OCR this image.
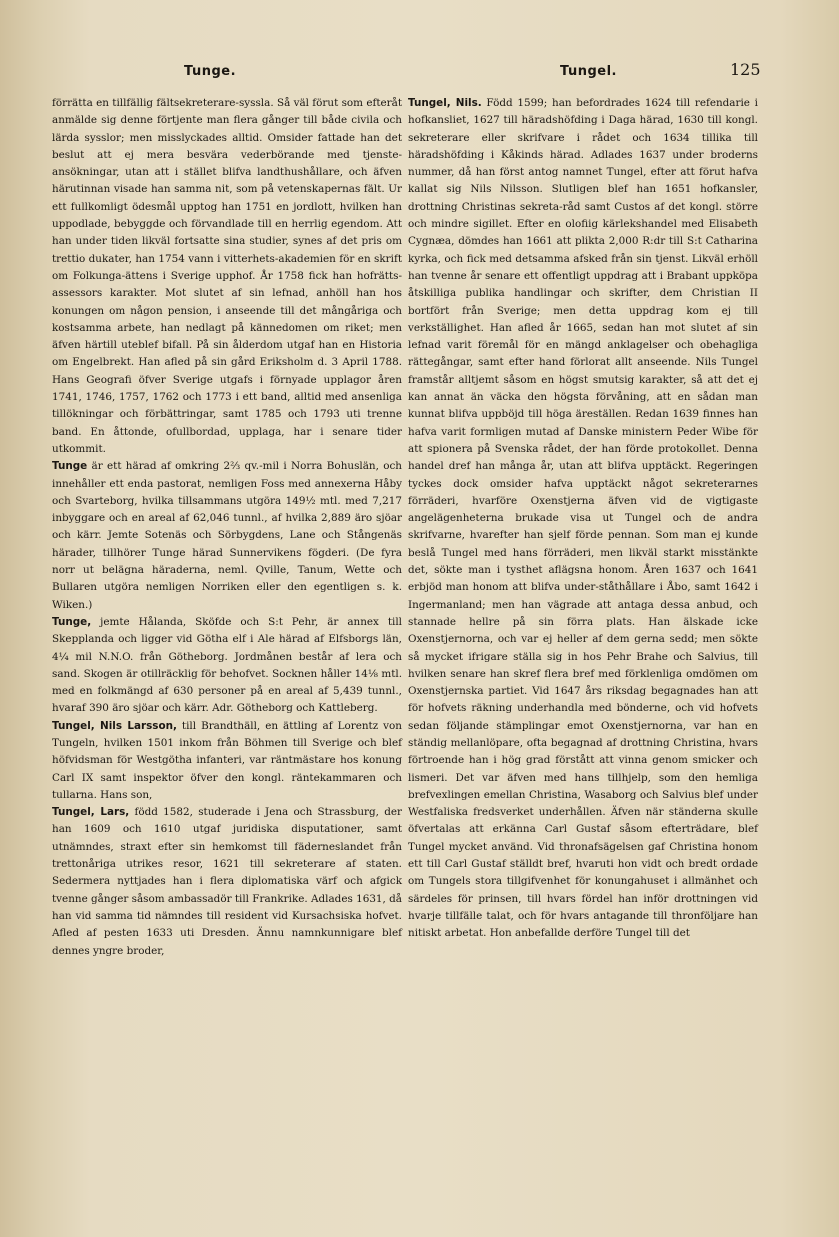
Tunge.	Tungel.	125

förrätta en tillfällig fältsekreterare-syssla. Så väl förut som efteråt anmälde sig denne förtjente man flera gånger till både civila och lärda sysslor; men misslyckades alltid. Omsider fattade han det beslut att ej mera besvära vederbörande med tjenste-ansökningar, utan att i stället blifva landthushållare, och äfven härutinnan visade han samma nit, som på vetenskapernas fält. Ur ett fullkomligt ödesmål upptog han 1751 en jordlott, hvilken han uppodlade, bebyggde och förvandlade till en herrlig egendom. Att han under tiden likväl fortsatte sina studier, synes af det pris om trettio dukater, han 1754 vann i vitterhets-akademien för en skrift om Folkunga-ättens i Sverige upphof. År 1758 fick han hofrätts-assessors karakter. Mot slutet af sin lefnad, anhöll han hos konungen om någon pension, i anseende till det mångåriga och kostsamma arbete, han nedlagt på kännedomen om riket; men äfven härtill uteblef bifall. På sin ålderdom utgaf han en Historia om Engelbrekt. Han afled på sin gård Eriksholm d. 3 April 1788. Hans Geografi öfver Sverige utgafs i förnyade upplagor åren 1741, 1746, 1757, 1762 och 1773 i ett band, alltid med ansenliga tillökningar och förbättringar, samt 1785 och 1793 uti trenne band. En åttonde, ofullbordad, upplaga, har i senare tider utkommit.

Tunge är ett härad af omkring 2⅔ qv.-mil i Norra Bohuslän, och innehåller ett enda pastorat, nemligen Foss med annexerna Håby och Svarteborg, hvilka tillsammans utgöra 149½ mtl. med 7,217 inbyggare och en areal af 62,046 tunnl., af hvilka 2,889 äro sjöar och kärr. Jemte Sotenäs och Sörbygdens, Lane och Stångenäs härader, tillhörer Tunge härad Sunnervikens fögderi. (De fyra norr ut belägna häraderna, neml. Qville, Tanum, Wette och Bullaren utgöra nemligen Norriken eller den egentligen s. k. Wiken.)

Tunge, jemte Hålanda, Sköfde och S:t Pehr, är annex till Skepplanda och ligger vid Götha elf i Ale härad af Elfsborgs län, 4¼ mil N.N.O. från Götheborg. Jordmånen består af lera och sand. Skogen är otillräcklig för behofvet. Socknen håller 14⅛ mtl. med en folkmängd af 630 personer på en areal af 5,439 tunnl., hvaraf 390 äro sjöar och kärr. Adr. Götheborg och Kattleberg.

Tungel, Nils Larsson, till Brandthäll, en ättling af Lorentz von Tungeln, hvilken 1501 inkom från Böhmen till Sverige och blef höfvidsman för Westgötha infanteri, var räntmästare hos konung Carl IX samt inspektor öfver den kongl. räntekammaren och tullarna. Hans son,

Tungel, Lars, född 1582, studerade i Jena och Strassburg, der han 1609 och 1610 utgaf juridiska disputationer, samt utnämndes, straxt efter sin hemkomst till fäderneslandet från trettonåriga utrikes resor, 1621 till sekreterare af staten. Sedermera nyttjades han i flera diplomatiska värf och afgick tvenne gånger såsom ambassadör till Frankrike. Adlades 1631, då han vid samma tid nämndes till resident vid Kursachsiska hofvet. Afled af pesten 1633 uti Dresden. Ännu namnkunnigare blef dennes yngre broder,

Tungel, Nils. Född 1599; han befordrades 1624 till refendarie i hofkansliet, 1627 till häradshöfding i Daga härad, 1630 till kongl. sekreterare eller skrifvare i rådet och 1634 tillika till häradshöfding i Kåkinds härad. Adlades 1637 under broderns nummer, då han först antog namnet Tungel, efter att förut hafva kallat sig Nils Nilsson. Slutligen blef han 1651 hofkansler, drottning Christinas sekreta-råd samt Custos af det kongl. större och mindre sigillet. Efter en olofiig kärlekshandel med Elisabeth Cygnæa, dömdes han 1661 att plikta 2,000 R:dr till S:t Catharina kyrka, och fick med detsamma afsked från sin tjenst. Likväl erhöll han tvenne år senare ett offentligt uppdrag att i Brabant uppköpa åtskilliga publika handlingar och skrifter, dem Christian II bortfört från Sverige; men detta uppdrag kom ej till verkställighet. Han afled år 1665, sedan han mot slutet af sin lefnad varit föremål för en mängd anklagelser och obehagliga rättegångar, samt efter hand förlorat allt anseende. Nils Tungel framstår alltjemt såsom en högst smutsig karakter, så att det ej kan annat än väcka den högsta förvåning, att en sådan man kunnat blifva uppböjd till höga äreställen. Redan 1639 finnes han hafva varit formligen mutad af Danske ministern Peder Wibe för att spionera på Svenska rådet, der han förde protokollet. Denna handel dref han många år, utan att blifva upptäckt. Regeringen tyckes dock omsider hafva upptäckt något sekreterarnes förräderi, hvarföre Oxenstjerna äfven vid de vigtigaste angelägenheterna brukade visa ut Tungel och de andra skrifvarne, hvarefter han sjelf förde pennan. Som man ej kunde beslå Tungel med hans förräderi, men likväl starkt misstänkte det, sökte man i tysthet aflägsna honom. Åren 1637 och 1641 erbjöd man honom att blifva under-ståthållare i Åbo, samt 1642 i Ingermanland; men han vägrade att antaga dessa anbud, och stannade hellre på sin förra plats. Han älskade icke Oxenstjernorna, och var ej heller af dem gerna sedd; men sökte så mycket ifrigare ställa sig in hos Pehr Brahe och Salvius, till hvilken senare han skref flera bref med förklenliga omdömen om Oxenstjernska partiet. Vid 1647 års riksdag begagnades han att för hofvets räkning underhandla med bönderne, och vid hofvets sedan följande stämplingar emot Oxenstjernorna, var han en ständig mellanlöpare, ofta begagnad af drottning Christina, hvars förtroende han i hög grad förstått att vinna genom smicker och lismeri. Det var äfven med hans tillhjelp, som den hemliga brefvexlingen emellan Christina, Wasaborg och Salvius blef under Westfaliska fredsverket underhållen. Äfven när ständerna skulle öfvertalas att erkänna Carl Gustaf såsom efterträdare, blef Tungel mycket använd. Vid thronafsägelsen gaf Christina honom ett till Carl Gustaf ställdt bref, hvaruti hon vidt och bredt ordade om Tungels stora tillgifvenhet för konungahuset i allmänhet och särdeles för prinsen, till hvars fördel han inför drottningen vid hvarje tillfälle talat, och för hvars antagande till thronföljare han nitiskt arbetat. Hon anbefallde derföre Tungel till det
